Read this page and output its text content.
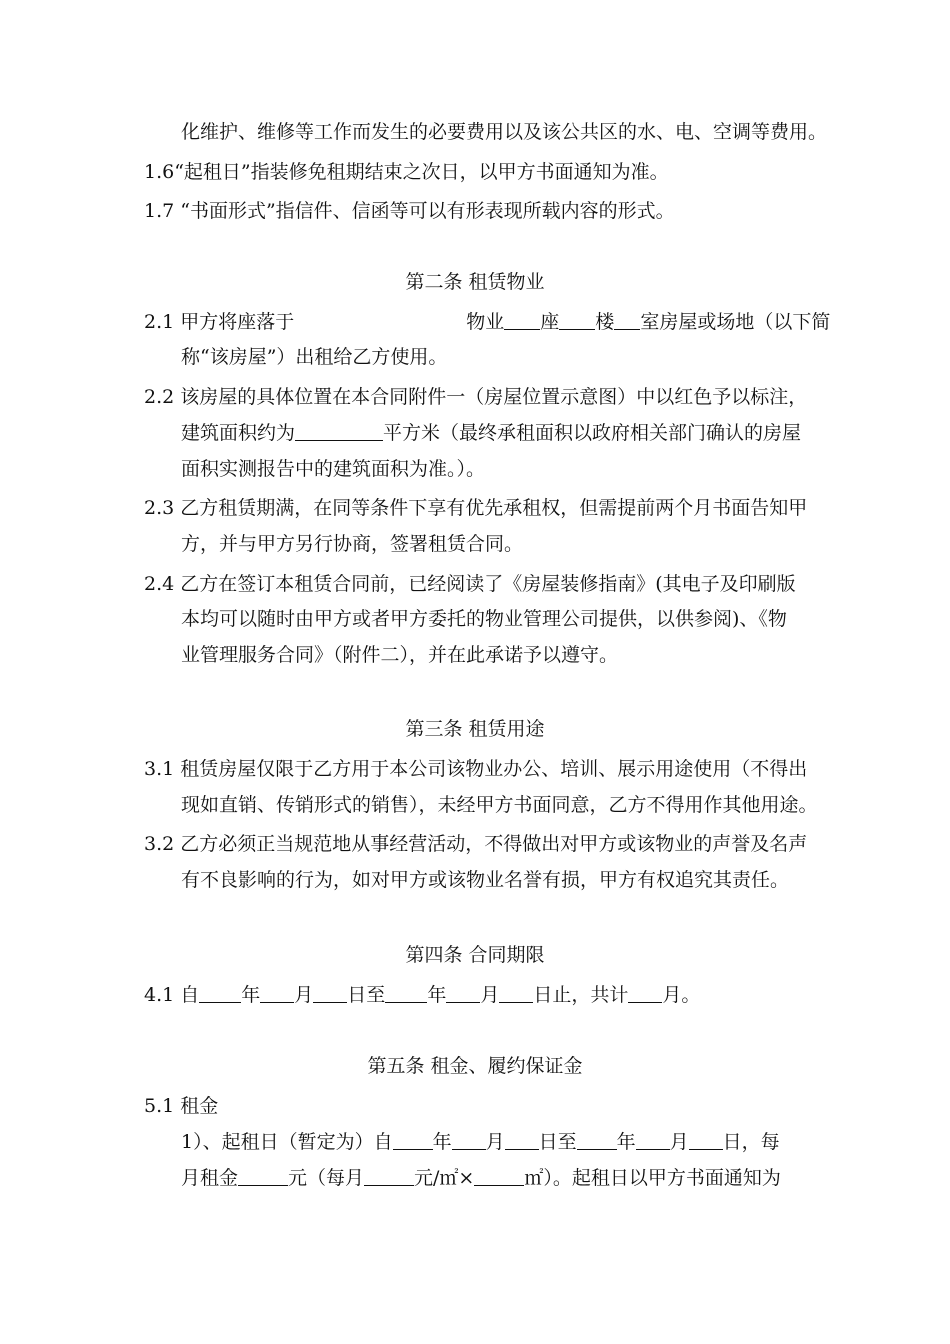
化维护、维修等工作而发生的必要费用以及该公共区的水、电、空调等费用。
1.6“起租日”指装修免租期结束之次日，以甲方书面通知为准。
1.7 “书面形式”指信件、信函等可以有形表现所载内容的形式。
第二条 租赁物业
2.1 甲方将座落于	物业 座 楼 室房屋或场地（以下简
称“该房屋”）出租给乙方使用。
2.2 该房屋的具体位置在本合同附件一（房屋位置示意图）中以红色予以标注，
建筑面积约为	平方米（最终承租面积以政府相关部门确认的房屋
面积实测报告中的建筑面积为准。）。
2.3 乙方租赁期满，在同等条件下享有优先承租权，但需提前两个月书面告知甲
方，并与甲方另行协商，签署租赁合同。
2.4 乙方在签订本租赁合同前，已经阅读了《房屋装修指南》(其电子及印刷版
本均可以随时由甲方或者甲方委托的物业管理公司提供，以供参阅)、《物
业管理服务合同》（附件二），并在此承诺予以遵守。
第三条 租赁用途
3.1 租赁房屋仅限于乙方用于本公司该物业办公、培训、展示用途使用（不得出
现如直销、传销形式的销售），未经甲方书面同意，乙方不得用作其他用途。
3.2 乙方必须正当规范地从事经营活动，不得做出对甲方或该物业的声誉及名声
有不良影响的行为，如对甲方或该物业名誉有损，甲方有权追究其责任。
第四条 合同期限
4.1 自 年 月 日至 年 月 日止，共计 月。
第五条 租金、履约保证金
5.1 租金
1）、起租日（暂定为）自 年 月 日至 年 月 日，每
月租金	元（每月	元/㎡×	㎡）。起租日以甲方书面通知为
